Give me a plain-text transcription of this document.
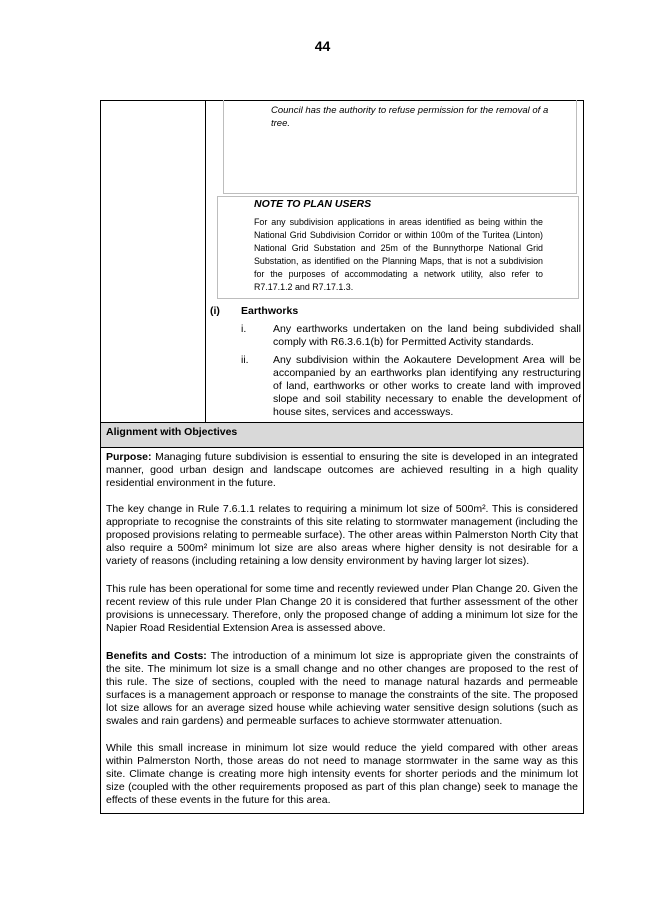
44

Council has the authority to refuse permission for the removal of a tree.

NOTE TO PLAN USERS
For any subdivision applications in areas identified as being within the National Grid Subdivision Corridor or within 100m of the Turitea (Linton) National Grid Substation and 25m of the Bunnythorpe National Grid Substation, as identified on the Planning Maps, that is not a subdivision for the purposes of accommodating a network utility, also refer to R7.17.1.2 and R7.17.1.3.
(i) Earthworks
i.	Any earthworks undertaken on the land being subdivided shall comply with R6.3.6.1(b) for Permitted Activity standards.
ii. Any subdivision within the Aokautere Development Area will be accompanied by an earthworks plan identifying any restructuring of land, earthworks or other works to create land with improved slope and soil stability necessary to enable the development of house sites, services and accessways.
Alignment with Objectives

Purpose: Managing future subdivision is essential to ensuring the site is developed in an integrated manner, good urban design and landscape outcomes are achieved resulting in a high quality residential environment in the future.

The key change in Rule 7.6.1.1 relates to requiring a minimum lot size of 500m². This is considered appropriate to recognise the constraints of this site relating to stormwater management (including the proposed provisions relating to permeable surface). The other areas within Palmerston North City that also require a 500m² minimum lot size are also areas where higher density is not desirable for a variety of reasons (including retaining a low density environment by having larger lot sizes).

This rule has been operational for some time and recently reviewed under Plan Change 20. Given the recent review of this rule under Plan Change 20 it is considered that further assessment of the other provisions is unnecessary. Therefore, only the proposed change of adding a minimum lot size for the Napier Road Residential Extension Area is assessed above.

Benefits and Costs: The introduction of a minimum lot size is appropriate given the constraints of the site. The minimum lot size is a small change and no other changes are proposed to the rest of this rule. The size of sections, coupled with the need to manage natural hazards and permeable surfaces is a management approach or response to manage the constraints of the site. The proposed lot size allows for an average sized house while achieving water sensitive design solutions (such as swales and rain gardens) and permeable surfaces to achieve stormwater attenuation.

While this small increase in minimum lot size would reduce the yield compared with other areas within Palmerston North, those areas do not need to manage stormwater in the same way as this site. Climate change is creating more high intensity events for shorter periods and the minimum lot size (coupled with the other requirements proposed as part of this plan change) seek to manage the effects of these events in the future for this area.
